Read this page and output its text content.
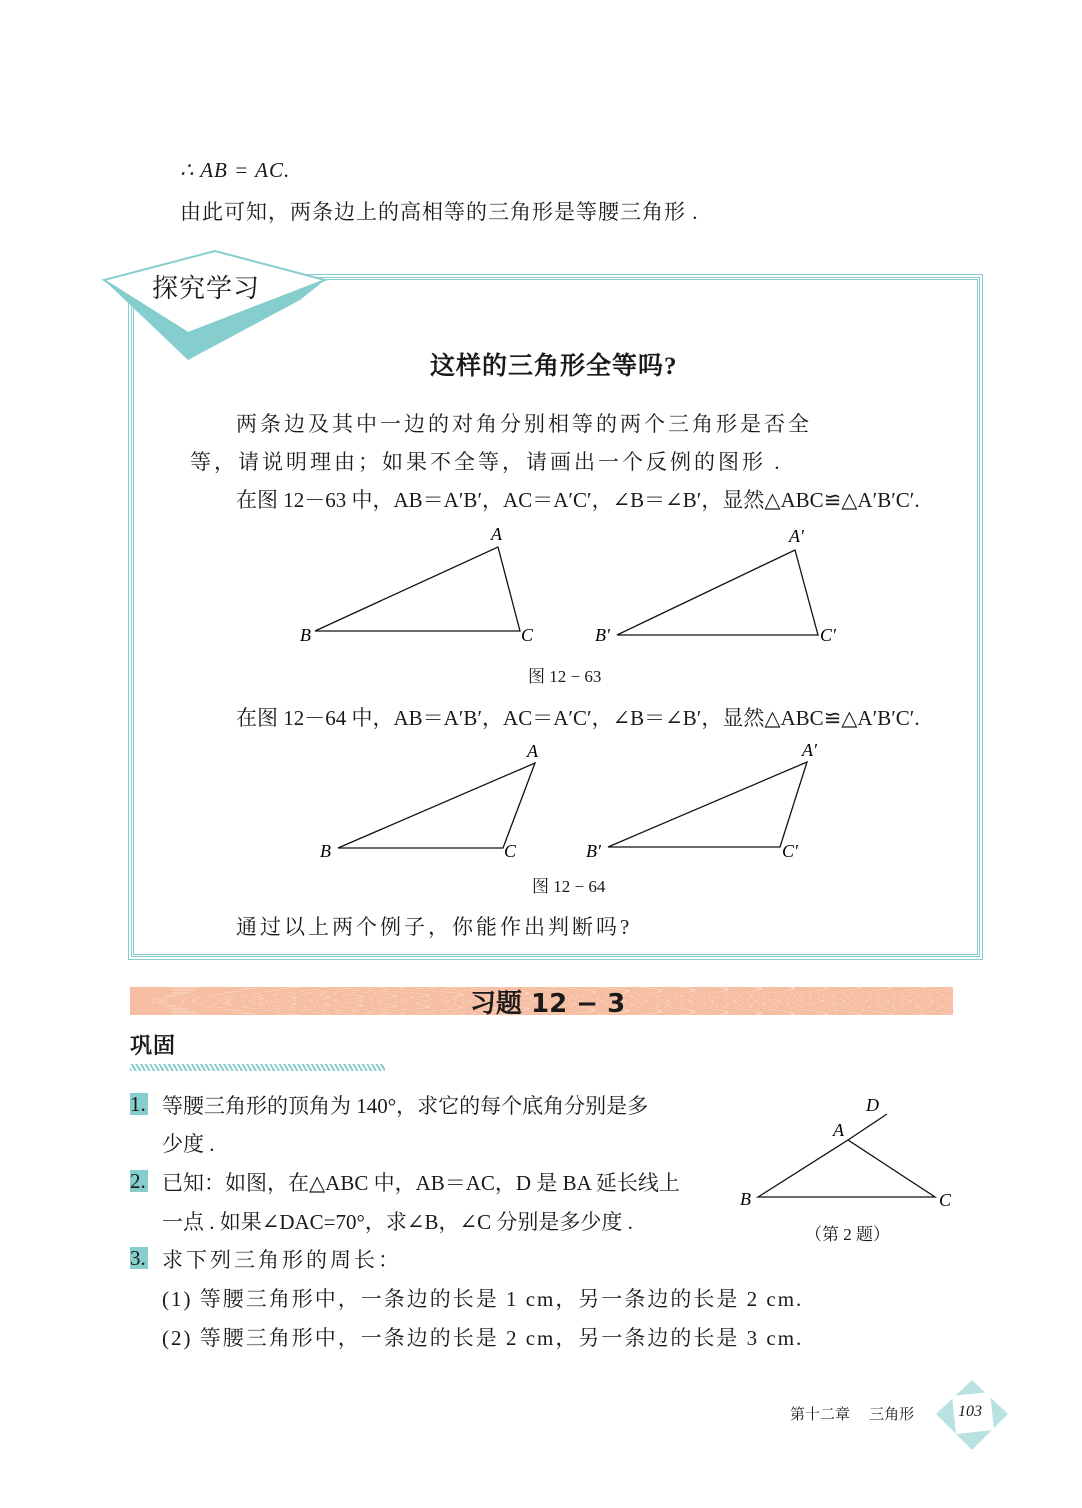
∴ AB = AC.
由此可知，两条边上的高相等的三角形是等腰三角形 .
A
B	C
A′
B′	C′
A
B	C
A′
B′	C′
D
A
B	C
探究学习
这样的三角形全等吗?
两条边及其中一边的对角分别相等的两个三角形是否全
等，请说明理由；如果不全等，请画出一个反例的图形 .
在图 12－63 中，AB＝A′B′，AC＝A′C′，∠B＝∠B′，显然△ABC≌△A′B′C′.
图 12 − 63
在图 12－64 中，AB＝A′B′，AC＝A′C′，∠B＝∠B′，显然△ABC≌△A′B′C′.
图 12 − 64
通过以上两个例子，你能作出判断吗?
习题 12 − 3
巩固
1. 等腰三角形的顶角为 140°，求它的每个底角分别是多
少度 .
2. 已知：如图，在△ABC 中，AB＝AC，D 是 BA 延长线上
一点 . 如果∠DAC=70°，求∠B，∠C 分别是多少度 .
（第 2 题）
3. 求下列三角形的周长：
(1) 等腰三角形中，一条边的长是 1 cm，另一条边的长是 2 cm.
(2) 等腰三角形中，一条边的长是 2 cm，另一条边的长是 3 cm.
第十二章    三角形	103
